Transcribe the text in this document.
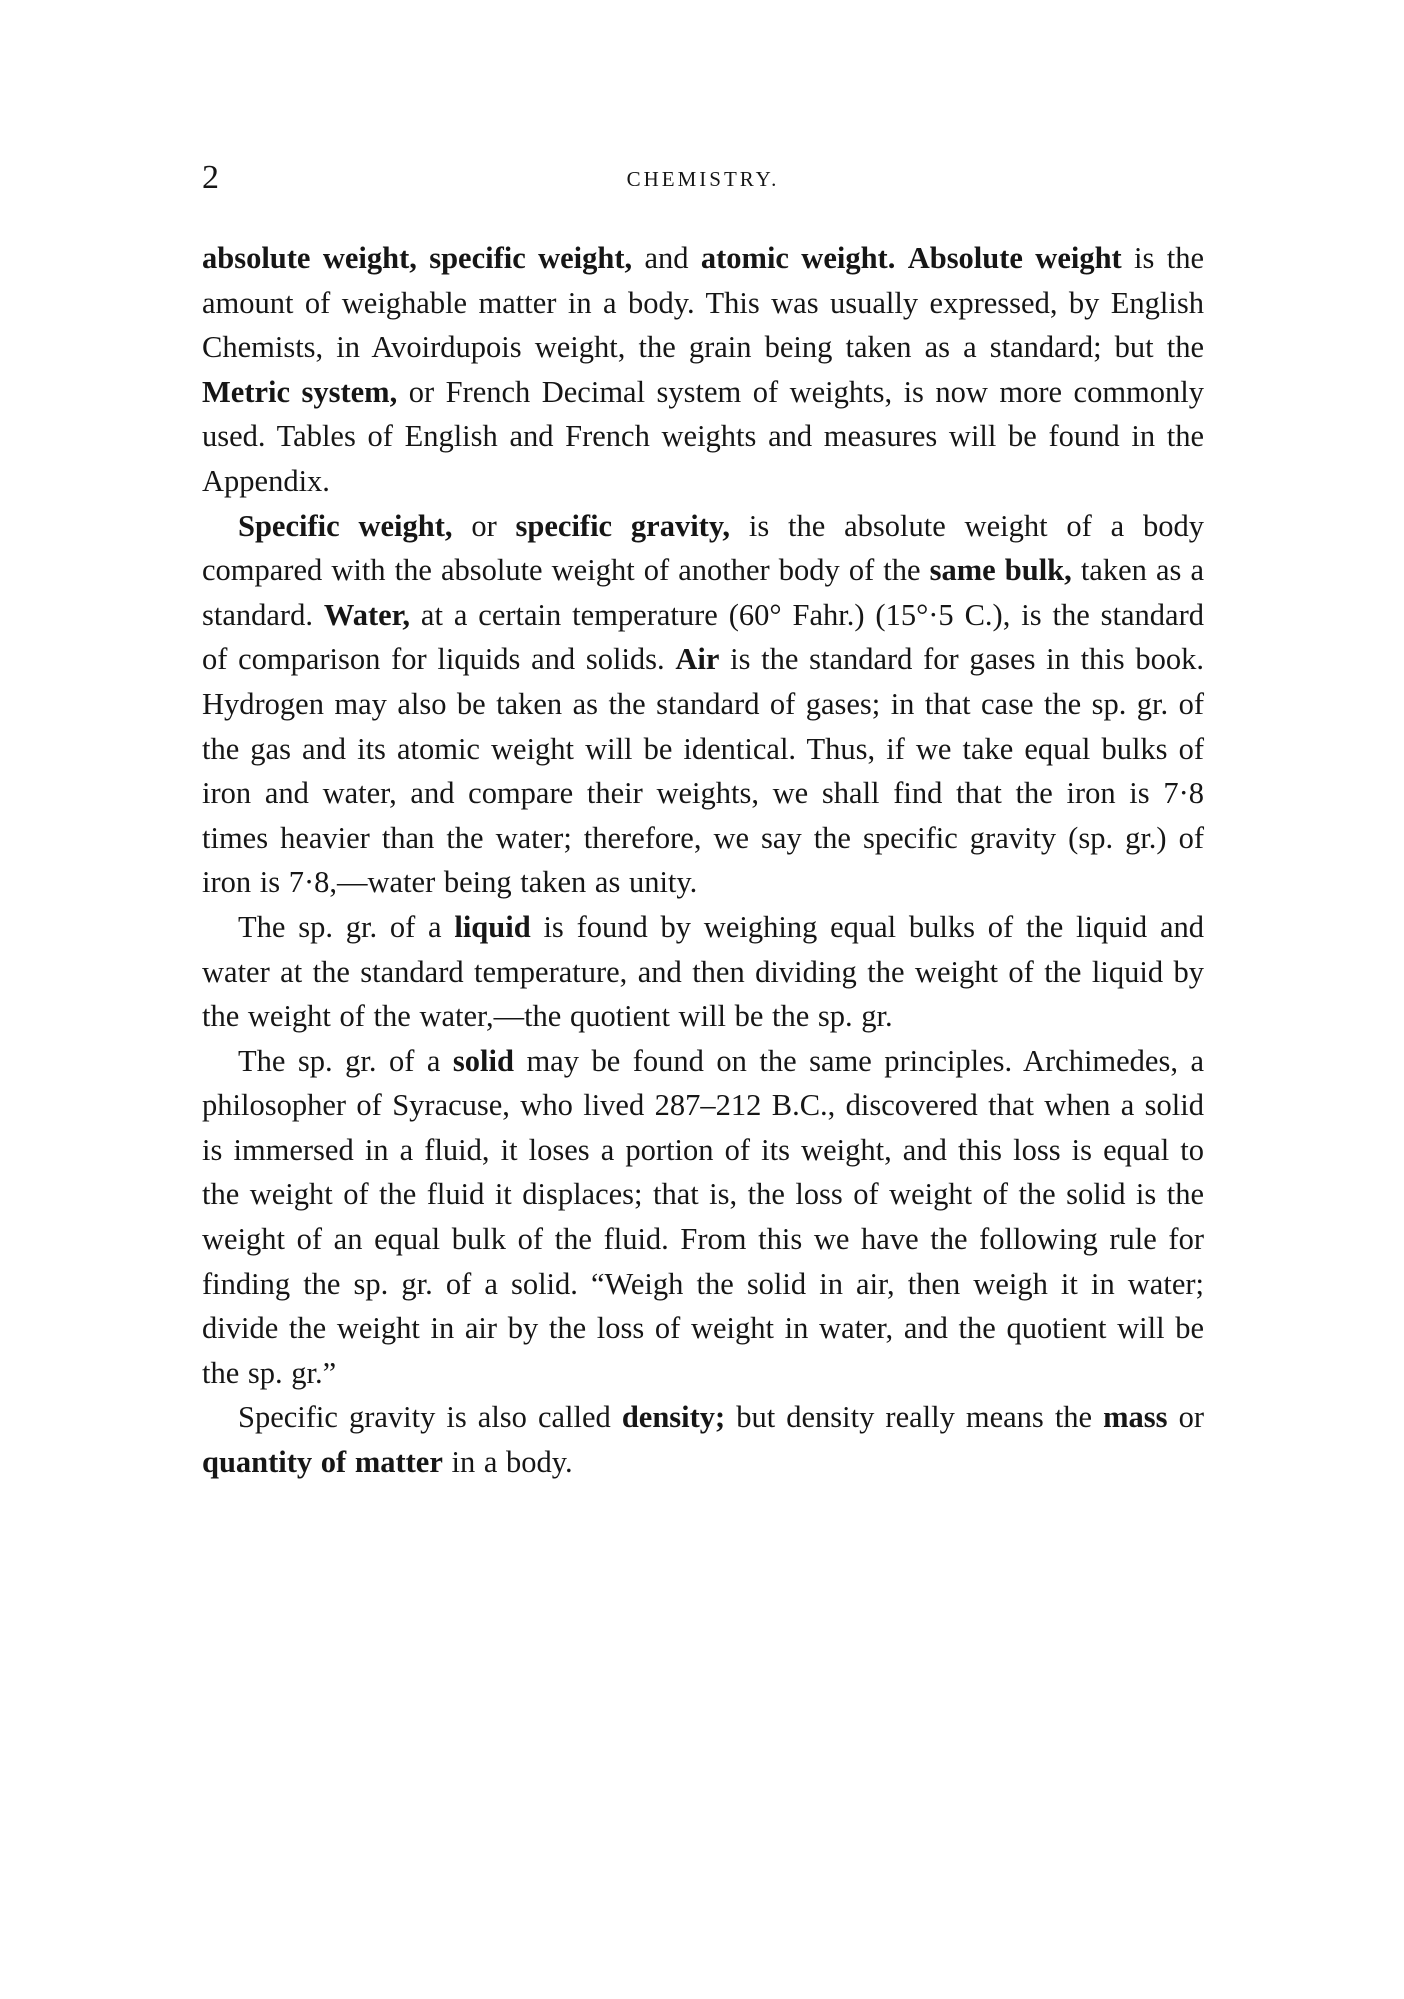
2	CHEMISTRY.

absolute weight, specific weight, and atomic weight. Absolute weight is the amount of weighable matter in a body. This was usually expressed, by English Chemists, in Avoirdupois weight, the grain being taken as a standard; but the Metric system, or French Decimal system of weights, is now more commonly used. Tables of English and French weights and measures will be found in the Appendix.

Specific weight, or specific gravity, is the absolute weight of a body compared with the absolute weight of another body of the same bulk, taken as a standard. Water, at a certain temperature (60° Fahr.) (15°·5 C.), is the standard of comparison for liquids and solids. Air is the standard for gases in this book. Hydrogen may also be taken as the standard of gases; in that case the sp. gr. of the gas and its atomic weight will be identical. Thus, if we take equal bulks of iron and water, and compare their weights, we shall find that the iron is 7·8 times heavier than the water; therefore, we say the specific gravity (sp. gr.) of iron is 7·8,—water being taken as unity.

The sp. gr. of a liquid is found by weighing equal bulks of the liquid and water at the standard temperature, and then dividing the weight of the liquid by the weight of the water,—the quotient will be the sp. gr.

The sp. gr. of a solid may be found on the same principles. Archimedes, a philosopher of Syracuse, who lived 287–212 B.C., discovered that when a solid is immersed in a fluid, it loses a portion of its weight, and this loss is equal to the weight of the fluid it displaces; that is, the loss of weight of the solid is the weight of an equal bulk of the fluid. From this we have the following rule for finding the sp. gr. of a solid. “Weigh the solid in air, then weigh it in water; divide the weight in air by the loss of weight in water, and the quotient will be the sp. gr.”

Specific gravity is also called density; but density really means the mass or quantity of matter in a body.
